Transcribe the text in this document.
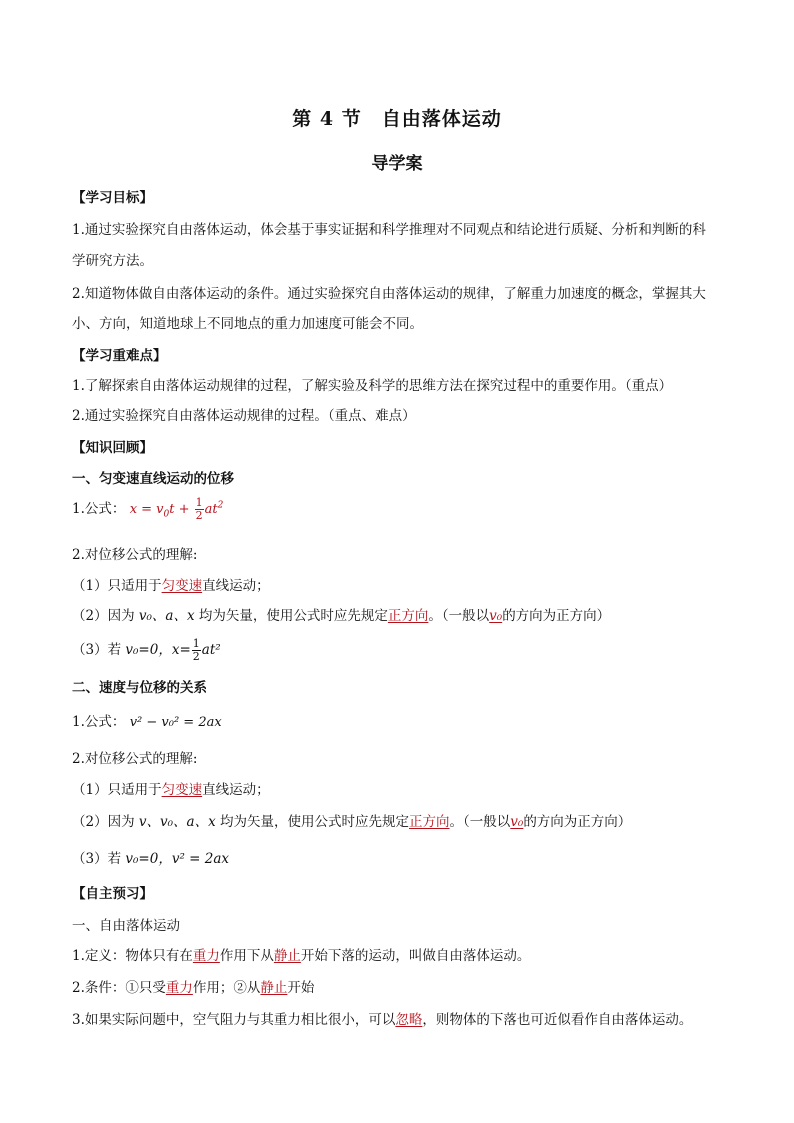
第 4 节　自由落体运动
导学案
【学习目标】
1.通过实验探究自由落体运动，体会基于事实证据和科学推理对不同观点和结论进行质疑、分析和判断的科
学研究方法。
2.知道物体做自由落体运动的条件。通过实验探究自由落体运动的规律，了解重力加速度的概念，掌握其大
小、方向，知道地球上不同地点的重力加速度可能会不同。
【学习重难点】
1.了解探索自由落体运动规律的过程，了解实验及科学的思维方法在探究过程中的重要作用。（重点）
2.通过实验探究自由落体运动规律的过程。（重点、难点）
【知识回顾】
一、匀变速直线运动的位移
1.公式： $x = v_0t + \frac{1}{2} at^2$
2.对位移公式的理解:
（1）只适用于匀变速直线运动；
（2）因为 v₀、a、x 均为矢量，使用公式时应先规定正方向。（一般以v₀的方向为正方向）
（3）若 v₀=0，$x= \frac{1}{2} at^2$
二、速度与位移的关系
1.公式： v² − v₀² = 2ax
2.对位移公式的理解:
（1）只适用于匀变速直线运动；
（2）因为 v、v₀、a、x 均为矢量，使用公式时应先规定正方向。（一般以v₀的方向为正方向）
（3）若 v₀=0，v² = 2ax
【自主预习】
一、自由落体运动
1.定义：物体只有在重力作用下从静止开始下落的运动，叫做自由落体运动。
2.条件：①只受重力作用；②从静止开始
3.如果实际问题中，空气阻力与其重力相比很小，可以忽略，则物体的下落也可近似看作自由落体运动。
